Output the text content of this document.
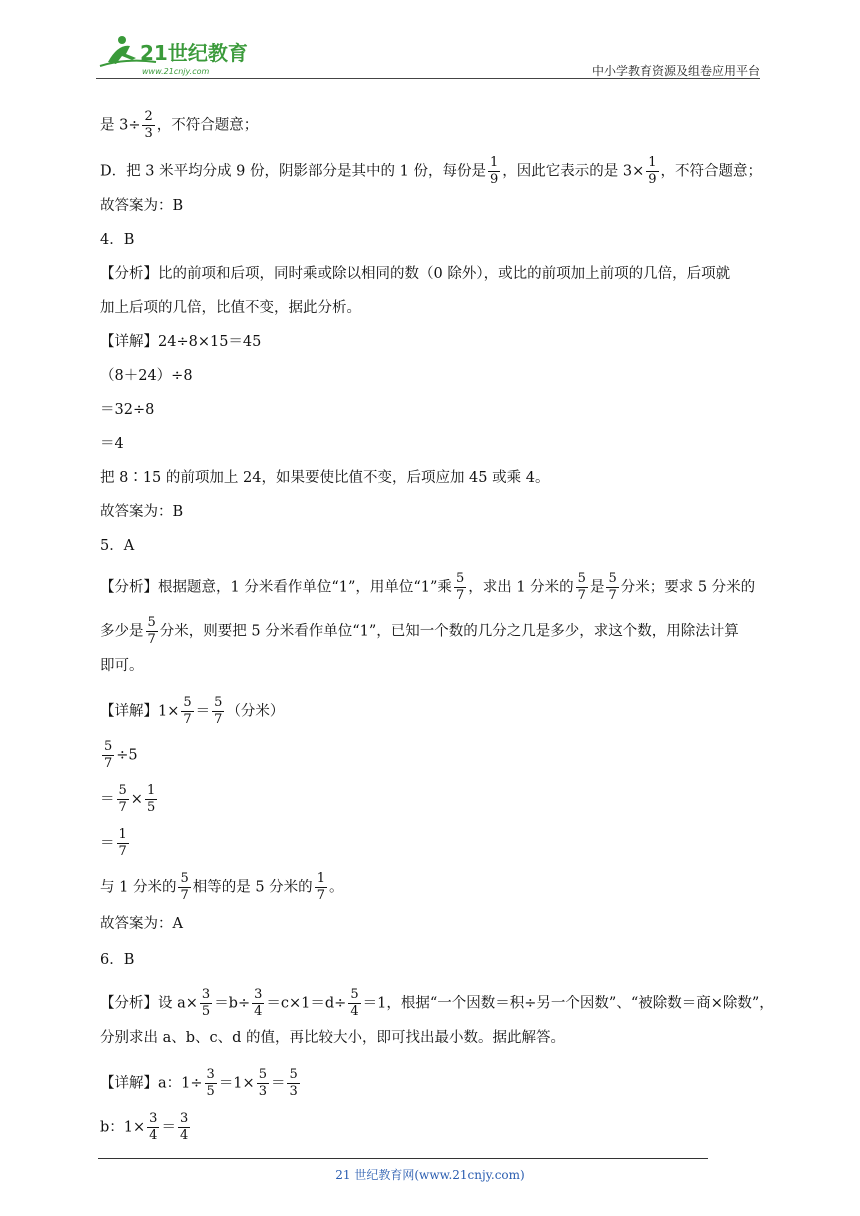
21世纪教育
www.21cnjy.com	中小学教育资源及组卷应用平台
是 $3\div \frac{2}{3}$ ，不符合题意；
D．把 3 米平均分成 9 份，阴影部分是其中的 1 份，每份是 $\frac{1}{9}$ ，因此它表示的是 $3\times \frac{1}{9}$ ，不符合题意；
故答案为：B
4．B
【分析】比的前项和后项，同时乘或除以相同的数（0 除外），或比的前项加上前项的几倍，后项就
加上后项的几倍，比值不变，据此分析。
【详解】24÷8×15＝45
（8＋24）÷8
＝32÷8
＝4
把 8∶15 的前项加上 24，如果要使比值不变，后项应加 45 或乘 4。
故答案为：B
5．A
【分析】根据题意，1 分米看作单位“1”，用单位“1”乘 $\frac{5}{7}$ ，求出 1 分米的 $\frac{5}{7}$ 是 $\frac{5}{7}$ 分米；要求 5 分米的
多少是 $\frac{5}{7}$ 分米，则要把 5 分米看作单位“1”，已知一个数的几分之几是多少，求这个数，用除法计算
即可。
【详解】$1\times \frac{5}{7} = \frac{5}{7}$ （分米）
$\frac{5}{7} \div 5$
＝ $\frac{5}{7} \times \frac{1}{5}$
＝ $\frac{1}{7}$
与 1 分米的 $\frac{5}{7}$ 相等的是 5 分米的 $\frac{1}{7}$ 。
故答案为：A
6．B
【分析】设 $a\times \frac{3}{5} =b\div \frac{3}{4} =c\times 1=d\div \frac{5}{4} =1$，根据“一个因数＝积÷另一个因数”、“被除数＝商×除数”，
分别求出 a、b、c、d 的值，再比较大小，即可找出最小数。据此解答。
【详解】a：$1\div \frac{3}{5} =1\times \frac{5}{3} = \frac{5}{3}$
b：$1\times \frac{3}{4} = \frac{3}{4}$
21 世纪教育网(www.21cnjy.com)
